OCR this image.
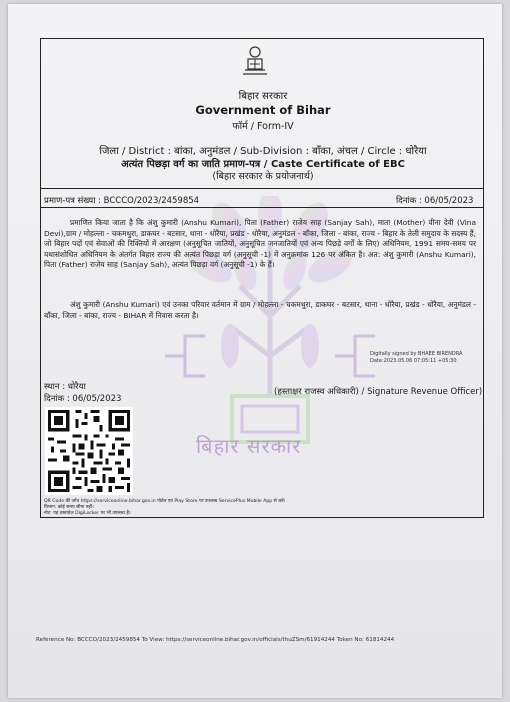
बिहार सरकार
बिहार सरकार
Government of Bihar
फॉर्म / Form-IV
जिला / District : बांका, अनुमंडल / Sub-Division : बाँका, अंचल / Circle : धोरैया
अत्यंत पिछड़ा वर्ग का जाति प्रमाण-पत्र / Caste Certificate of EBC
(बिहार सरकार के प्रयोजनार्थ)
प्रमाण-पत्र संख्या : BCCCO/2023/2459854	दिनांक : 06/05/2023

प्रमाणित किया जाता है कि अंशु कुमारी (Anshu Kumari), पिता (Father) राजेय साह (Sanjay Sah), माता (Mother) वीना देवी (Vina Devi),ग्राम / मोहल्ला - चकमथुरा, डाकघर - बटसार, थाना - धोरैया, प्रखंड - धोरैया, अनुमंडल - बाँका, जिला - बांका, राज्य - बिहार के तेली समुदाय के सदस्य हैं, जो बिहार पदों एवं सेवाओं की रिक्तियों में आरक्षण (अनुसूचित जातियों, अनुसूचित जनजातियों एवं अन्य पिछड़े वर्गों के लिए) अधिनियम, 1991 समय-समय पर यथासंशोधित अधिनियम के अंतर्गत बिहार राज्य की अत्यंत पिछड़ा वर्ग (अनुसूची -1) में अनुक्रमांक 126 पर अंकित है। अत: अंशु कुमारी (Anshu Kumari), पिता (Father) राजेय साह (Sanjay Sah), अत्यंत पिछड़ा वर्ग (अनुसूची -1) के हैं।

अंशु कुमारी (Anshu Kumari) एवं उनका परिवार वर्तमान में ग्राम / मोहल्ला - चकमथुरा, डाकघर - बटसार, थाना - धोरैया, प्रखंड - धोरैया, अनुमंडल - बाँका, जिला - बांका, राज्य - BIHAR में निवास करता है।

Digitally signed by BHAEE BIRENDRA
Date:2023.05.06 07:05:11 +05:30
स्थान : धोरैया
दिनांक : 06/05/2023
(हस्ताक्षर राजस्व अधिकारी) / Signature Revenue Officer)
QR Code की जाँच https://serviceonline.bihar.gov.in पोर्टल एवं Play Store पर उपलब्ध ServicePlus Mobile App से करें।
विभाग: कोई समय सीमा नहीं।
नोट: यह दस्तावेज़ DigiLocker पर भी उपलब्ध है।
Reference No: BCCCO/2023/2459854 To View: https://serviceonline.bihar.gov.in/officials/thuZSm/61914244 Token No: 61814244
